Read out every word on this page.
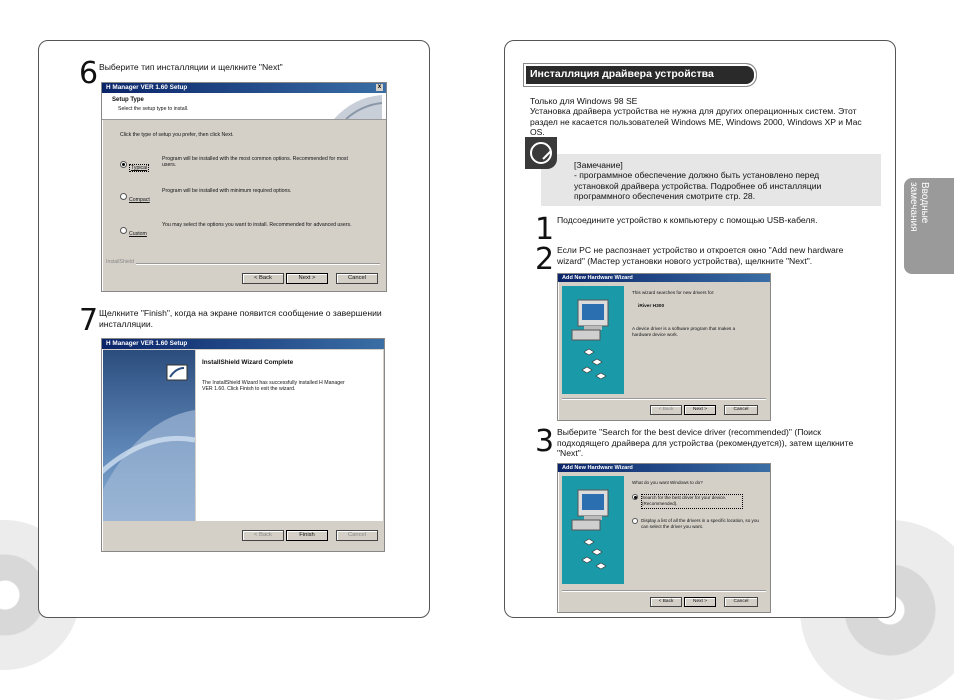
6 Выберите тип инсталляции и щелкните "Next"
H Manager VER 1.60 Setup	x
Setup Type
Select the setup type to install.
Click the type of setup you prefer, then click Next.
Typical
Program will be installed with the most common options. Recommended for most users.
Compact
Program will be installed with minimum required options.
Custom
You may select the options you want to install. Recommended for advanced users.
InstallShield
< Back	Next >	Cancel
7 Щелкните "Finish", когда на экране появится сообщение о завершении инсталляции.
H Manager VER 1.60 Setup
InstallShield Wizard Complete
The InstallShield Wizard has successfully installed H Manager VER 1.60. Click Finish to exit the wizard.
< Back	Finish	Cancel
Инсталляция драйвера устройства
Только для Windows 98 SE
Установка драйвера устройства не нужна для других операционных систем. Этот раздел не касается пользователей Windows ME, Windows 2000, Windows XP и Mac OS.
[Замечание]
- программное обеспечение должно быть установлено перед установкой драйвера устройства. Подробнее об инсталляции программного обеспечения смотрите стр. 28.
1 Подсоедините устройство к компьютеру с помощью USB-кабеля.
2 Если PC не распознает устройство и откроется окно "Add new hardware wizard" (Мастер установки нового устройства), щелкните "Next".
Add New Hardware Wizard
This wizard searches for new drivers for:
iRiver H300
A device driver is a software program that makes a hardware device work.
< Back	Next >	Cancel
3 Выберите "Search for the best device driver (recommended)" (Поиск подходящего драйвера для устройства (рекомендуется)), затем щелкните "Next".
Add New Hardware Wizard
What do you want Windows to do?
Search for the best driver for your device. (Recommended).
Display a list of all the drivers in a specific location, so you can select the driver you want.
< Back	Next >	Cancel
Вводные замечания
